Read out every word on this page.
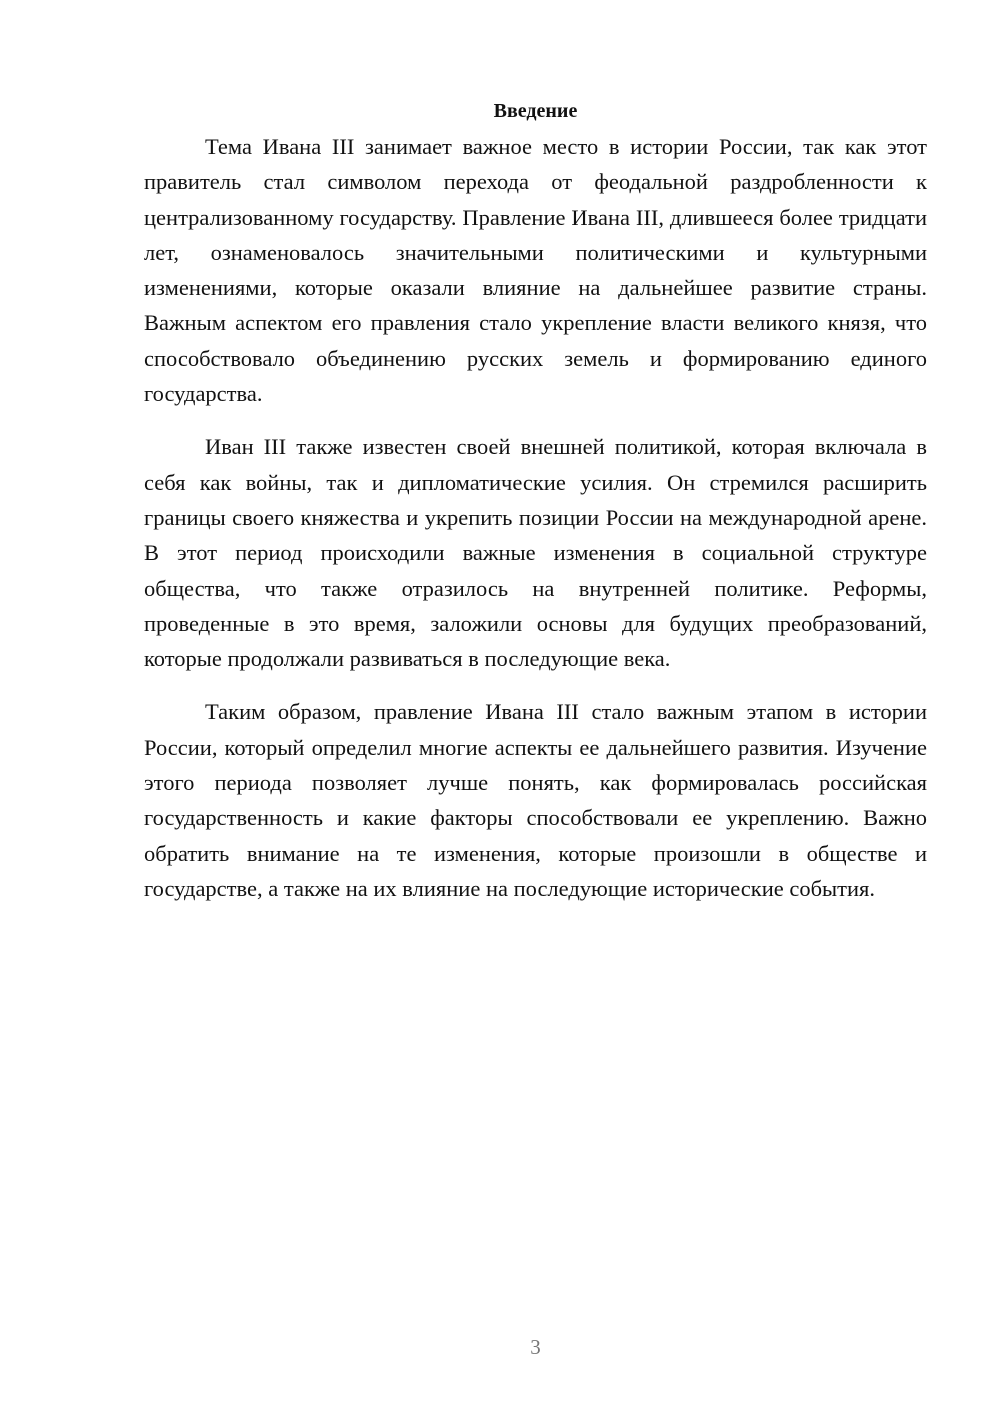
Введение

Тема Ивана III занимает важное место в истории России, так как этот правитель стал символом перехода от феодальной раздробленности к централизованному государству. Правление Ивана III, длившееся более тридцати лет, ознаменовалось значительными политическими и культурными изменениями, которые оказали влияние на дальнейшее развитие страны. Важным аспектом его правления стало укрепление власти великого князя, что способствовало объединению русских земель и формированию единого государства.

Иван III также известен своей внешней политикой, которая включала в себя как войны, так и дипломатические усилия. Он стремился расширить границы своего княжества и укрепить позиции России на международной арене. В этот период происходили важные изменения в социальной структуре общества, что также отразилось на внутренней политике. Реформы, проведенные в это время, заложили основы для будущих преобразований, которые продолжали развиваться в последующие века.

Таким образом, правление Ивана III стало важным этапом в истории России, который определил многие аспекты ее дальнейшего развития. Изучение этого периода позволяет лучше понять, как формировалась российская государственность и какие факторы способствовали ее укреплению. Важно обратить внимание на те изменения, которые произошли в обществе и государстве, а также на их влияние на последующие исторические события.

3
